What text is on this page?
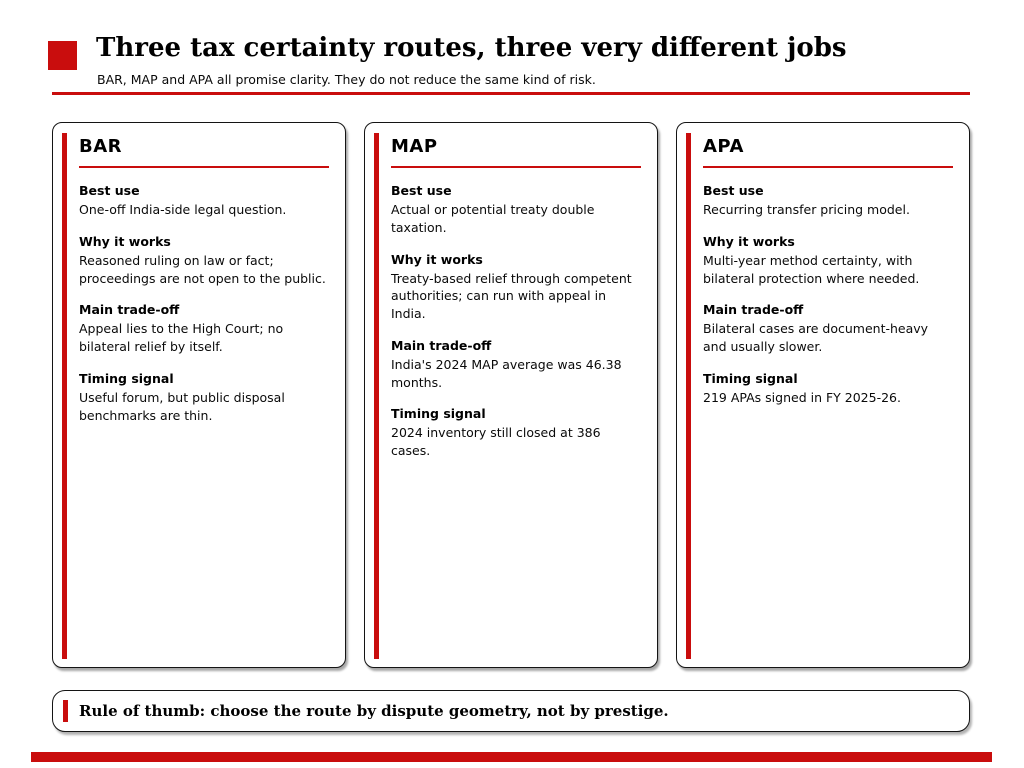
Three tax certainty routes, three very different jobs

BAR, MAP and APA all promise clarity. They do not reduce the same kind of risk.

BAR
Best use

One-off India-side legal question.

Why it works

Reasoned ruling on law or fact; proceedings are not open to the public.

Main trade-off

Appeal lies to the High Court; no bilateral relief by itself.

Timing signal

Useful forum, but public disposal benchmarks are thin.

MAP
Best use

Actual or potential treaty double taxation.

Why it works

Treaty-based relief through competent authorities; can run with appeal in India.

Main trade-off

India's 2024 MAP average was 46.38 months.

Timing signal

2024 inventory still closed at 386 cases.

APA
Best use

Recurring transfer pricing model.

Why it works

Multi-year method certainty, with bilateral protection where needed.

Main trade-off

Bilateral cases are document-heavy and usually slower.

Timing signal

219 APAs signed in FY 2025-26.

Rule of thumb: choose the route by dispute geometry, not by prestige.
